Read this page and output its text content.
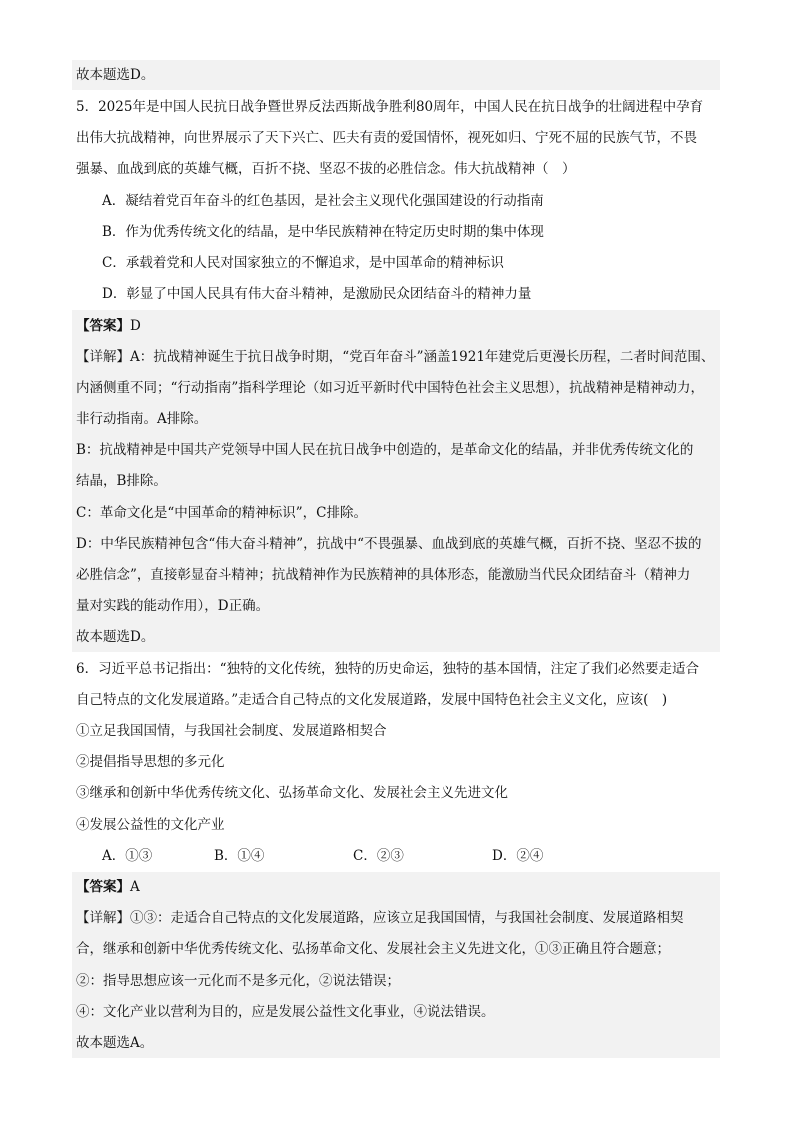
故本题选D。
5．2025年是中国人民抗日战争暨世界反法西斯战争胜利80周年，中国人民在抗日战争的壮阔进程中孕育
出伟大抗战精神，向世界展示了天下兴亡、匹夫有责的爱国情怀，视死如归、宁死不屈的民族气节，不畏
强暴、血战到底的英雄气概，百折不挠、坚忍不拔的必胜信念。伟大抗战精神（　）
A．凝结着党百年奋斗的红色基因，是社会主义现代化强国建设的行动指南
B．作为优秀传统文化的结晶，是中华民族精神在特定历史时期的集中体现
C．承载着党和人民对国家独立的不懈追求，是中国革命的精神标识
D．彰显了中国人民具有伟大奋斗精神，是激励民众团结奋斗的精神力量
【答案】D
【详解】A：抗战精神诞生于抗日战争时期，“党百年奋斗”涵盖1921年建党后更漫长历程，二者时间范围、
内涵侧重不同；“行动指南”指科学理论（如习近平新时代中国特色社会主义思想），抗战精神是精神动力，
非行动指南。A排除。
B：抗战精神是中国共产党领导中国人民在抗日战争中创造的，是革命文化的结晶，并非优秀传统文化的
结晶，B排除。
C：革命文化是“中国革命的精神标识”，C排除。
D：中华民族精神包含“伟大奋斗精神”，抗战中“不畏强暴、血战到底的英雄气概，百折不挠、坚忍不拔的
必胜信念”，直接彰显奋斗精神；抗战精神作为民族精神的具体形态，能激励当代民众团结奋斗（精神力
量对实践的能动作用），D正确。
故本题选D。
6．习近平总书记指出：“独特的文化传统，独特的历史命运，独特的基本国情，注定了我们必然要走适合
自己特点的文化发展道路。”走适合自己特点的文化发展道路，发展中国特色社会主义文化，应该(　)
①立足我国国情，与我国社会制度、发展道路相契合
②提倡指导思想的多元化
③继承和创新中华优秀传统文化、弘扬革命文化、发展社会主义先进文化
④发展公益性的文化产业
A．①③	B．①④	C．②③	D．②④
【答案】A
【详解】①③：走适合自己特点的文化发展道路，应该立足我国国情，与我国社会制度、发展道路相契
合，继承和创新中华优秀传统文化、弘扬革命文化、发展社会主义先进文化，①③正确且符合题意；
②：指导思想应该一元化而不是多元化，②说法错误；
④：文化产业以营利为目的，应是发展公益性文化事业，④说法错误。
故本题选A。
